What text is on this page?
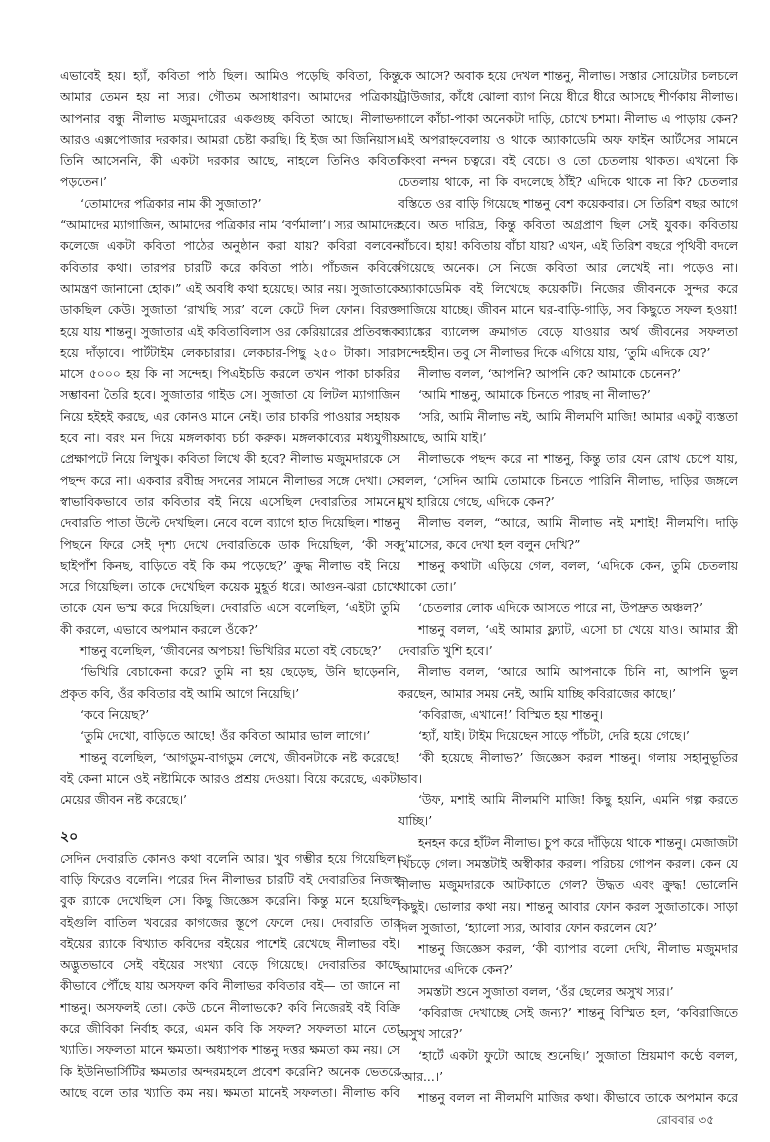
এভাবেই হয়। হ্যাঁ, কবিতা পাঠ ছিল। আমিও পড়েছি কবিতা, কিন্তু আমার তেমন হয় না স্যর। গৌতম অসাধারণ। আমাদের পত্রিকায় আপনার বন্ধু নীলাভ মজুমদারের একগুচ্ছ কবিতা আছে। নীলাভদ আরও এক্সপোজার দরকার। আমরা চেষ্টা করছি। হি ইজ আ জিনিয়াস। তিনি আসেননি, কী একটা দরকার আছে, নাহলে তিনিও কবিতা পড়তেন।’

‘তোমাদের পত্রিকার নাম কী সুজাতা?’

“আমাদের ম্যাগাজিন, আমাদের পত্রিকার নাম ‘বর্ণমালা’। স্যর আমাদের কলেজে একটা কবিতা পাঠের অনুষ্ঠান করা যায়? কবিরা বলবেন কবিতার কথা। তারপর চারটি করে কবিতা পাঠ। পাঁচজন কবিকে আমন্ত্রণ জানানো হোক।” এই অবধি কথা হয়েছে। আর নয়। সুজাতাকে ডাকছিল কেউ। সুজাতা ‘রাখছি স্যর’ বলে কেটে দিল ফোন। বিরক্ত হয়ে যায় শান্তনু। সুজাতার এই কবিতাবিলাস ওর কেরিয়ারের প্রতিবন্ধক হয়ে দাঁড়াবে। পার্টটাইম লেকচারার। লেকচার-পিছু ২৫০ টাকা। সারা মাসে ৫০০০ হয় কি না সন্দেহ। পিএইচডি করলে তখন পাকা চাকরির সম্ভাবনা তৈরি হবে। সুজাতার গাইড সে। সুজাতা যে লিটল ম্যাগাজিন নিয়ে হইহই করছে, এর কোনও মানে নেই। তার চাকরি পাওয়ার সহায়ক হবে না। বরং মন দিয়ে মঙ্গলকাব্য চর্চা করুক। মঙ্গলকাব্যের মধ্যযুগীয় প্রেক্ষাপটে নিয়ে লিখুক। কবিতা লিখে কী হবে? নীলাভ মজুমদারকে সে পছন্দ করে না। একবার রবীন্দ্র সদনের সামনে নীলাভর সঙ্গে দেখা। সে স্বাভাবিকভাবে তার কবিতার বই নিয়ে এসেছিল দেবারতির সামনে। দেবারতি পাতা উল্টে দেখছিল। নেবে বলে ব্যাগে হাত দিয়েছিল। শান্তনু পিছনে ফিরে সেই দৃশ্য দেখে দেবারতিকে ডাক দিয়েছিল, ‘কী সব ছাইপাঁশ কিনছ, বাড়িতে বই কি কম পড়েছে?’ ক্রুদ্ধ নীলাভ বই নিয়ে সরে গিয়েছিল। তাকে দেখেছিল কয়েক মুহূর্ত ধরে। আগুন-ঝরা চোখে তাকে যেন ভস্ম করে দিয়েছিল। দেবারতি এসে বলেছিল, ‘এইটা তুমি কী করলে, এভাবে অপমান করলে ওঁকে?’

শান্তনু বলেছিল, ‘জীবনের অপচয়! ভিখিরির মতো বই বেচছে?’

‘ভিখিরি বেচাকেনা করে? তুমি না হয় ছেড়েছ, উনি ছাড়েননি, প্রকৃত কবি, ওঁর কবিতার বই আমি আগে নিয়েছি।’

‘কবে নিয়েছ?’

‘তুমি দেখো, বাড়িতে আছে! ওঁর কবিতা আমার ভাল লাগে।’

শান্তনু বলেছিল, ‘আগডুম-বাগডুম লেখে, জীবনটাকে নষ্ট করেছে! বই কেনা মানে ওই নষ্টামিকে আরও প্রশ্রয় দেওয়া। বিয়ে করেছে, একটা মেয়ের জীবন নষ্ট করেছে।’

২০

সেদিন দেবারতি কোনও কথা বলেনি আর। খুব গম্ভীর হয়ে গিয়েছিল। বাড়ি ফিরেও বলেনি। পরের দিন নীলাভর চারটি বই দেবারতির নিজস্ব বুক র‍্যাকে দেখেছিল সে। কিছু জিজ্ঞেস করেনি। কিন্তু মনে হয়েছিল বইগুলি বাতিল খবরের কাগজের স্তূপে ফেলে দেয়। দেবারতি তার বইয়ের র‍্যাকে বিখ্যাত কবিদের বইয়ের পাশেই রেখেছে নীলাভর বই। অদ্ভুতভাবে সেই বইয়ের সংখ্যা বেড়ে গিয়েছে। দেবারতির কাছে কীভাবে পৌঁছে যায় অসফল কবি নীলাভর কবিতার বই— তা জানে না শান্তনু। অসফলই তো। কেউ চেনে নীলাভকে? কবি নিজেরই বই বিক্রি করে জীবিকা নির্বাহ করে, এমন কবি কি সফল? সফলতা মানে তো খ্যাতি। সফলতা মানে ক্ষমতা। অধ্যাপক শান্তনু দত্তর ক্ষমতা কম নয়। সে কি ইউনিভার্সিটির ক্ষমতার অন্দরমহলে প্রবেশ করেনি? অনেক ভেতরে আছে বলে তার খ্যাতি কম নয়। ক্ষমতা মানেই সফলতা। নীলাভ কবি

কে আসে? অবাক হয়ে দেখল শান্তনু, নীলাভ। সস্তার সোয়েটার চলচলে ট্রাউজার, কাঁধে ঝোলা ব্যাগ নিয়ে ধীরে ধীরে আসছে শীর্ণকায় নীলাভ। গালে কাঁচা-পাকা অনেকটা দাড়ি, চোখে চশমা। নীলাভ এ পাড়ায় কেন? এই অপরাহ্নবেলায় ও থাকে অ্যাকাডেমি অফ ফাইন আর্টসের সামনে কিংবা নন্দন চত্বরে। বই বেচে। ও তো চেতলায় থাকত। এখনো কি চেতলায় থাকে, না কি বদলেছে ঠাঁই? এদিকে থাকে না কি? চেতলার বস্তিতে ওর বাড়ি গিয়েছে শান্তনু বেশ কয়েকবার। সে তিরিশ বছর আগে হবে। অত দারিদ্র, কিন্তু কবিতা অগ্রপ্রাণ ছিল সেই যুবক। কবিতায় বাঁচবে। হায়! কবিতায় বাঁচা যায়? এখন, এই তিরিশ বছরে পৃথিবী বদলে গিয়েছে অনেক। সে নিজে কবিতা আর লেখেই না। পড়েও না। অ্যাকাডেমিক বই লিখেছে কয়েকটি। নিজের জীবনকে সুন্দর করে সাজিয়ে যাচ্ছে। জীবন মানে ঘর-বাড়ি-গাড়ি, সব কিছুতে সফল হওয়া! ব্যাঙ্কের ব্যালেন্স ক্রমাগত বেড়ে যাওয়ার অর্থ জীবনের সফলতা সন্দেহহীন। তবু সে নীলাভর দিকে এগিয়ে যায়, ‘তুমি এদিকে যে?’

নীলাভ বলল, ‘আপনি? আপনি কে? আমাকে চেনেন?’

‘আমি শান্তনু, আমাকে চিনতে পারছ না নীলাভ?’

‘সরি, আমি নীলাভ নই, আমি নীলমণি মাজি! আমার একটু ব্যস্ততা আছে, আমি যাই।’

নীলাভকে পছন্দ করে না শান্তনু, কিন্তু তার যেন রোখ চেপে যায়, বলল, ‘সেদিন আমি তোমাকে চিনতে পারিনি নীলাভ, দাড়ির জঙ্গলে মুখ হারিয়ে গেছে, এদিকে কেন?’

নীলাভ বলল, “আরে, আমি নীলাভ নই মশাই! নীলমণি। দাড়ি দু’মাসের, কবে দেখা হল বলুন দেখি?”

শান্তনু কথাটা এড়িয়ে গেল, বলল, ‘এদিকে কেন, তুমি চেতলায় থাকো তো।’

‘চেতলার লোক এদিকে আসতে পারে না, উপদ্রুত অঞ্চল?’

শান্তনু বলল, ‘এই আমার ফ্ল্যাট, এসো চা খেয়ে যাও। আমার স্ত্রী দেবারতি খুশি হবে।’

নীলাভ বলল, ‘আরে আমি আপনাকে চিনি না, আপনি ভুল করছেন, আমার সময় নেই, আমি যাচ্ছি কবিরাজের কাছে।’

‘কবিরাজ, এখানে!’ বিস্মিত হয় শান্তনু।

‘হ্যাঁ, যাই। টাইম দিয়েছেন সাড়ে পাঁচটা, দেরি হয়ে গেছে।’

‘কী হয়েছে নীলাভ?’ জিজ্ঞেস করল শান্তনু। গলায় সহানুভূতির ভাব।

‘উফ, মশাই আমি নীলমণি মাজি! কিছু হয়নি, এমনি গল্প করতে যাচ্ছি।’

হনহন করে হাঁটল নীলাভ। চুপ করে দাঁড়িয়ে থাকে শান্তনু। মেজাজটা খিঁচড়ে গেল। সমস্তটাই অস্বীকার করল। পরিচয় গোপন করল। কেন যে নীলাভ মজুমদারকে আটকাতে গেল? উদ্ধত এবং ক্রুদ্ধ! ভোলেনি কিছুই। ভোলার কথা নয়। শান্তনু আবার ফোন করল সুজাতাকে। সাড়া দিল সুজাতা, ‘হ্যালো স্যর, আবার ফোন করলেন যে?’

শান্তনু জিজ্ঞেস করল, ‘কী ব্যাপার বলো দেখি, নীলাভ মজুমদার আমাদের এদিকে কেন?’

সমস্তটা শুনে সুজাতা বলল, ‘ওঁর ছেলের অসুখ স্যর।’

‘কবিরাজ দেখাচ্ছে সেই জন্য?’ শান্তনু বিস্মিত হল, ‘কবিরাজিতে অসুখ সারে?’

‘হার্টে একটা ফুটো আছে শুনেছি।’ সুজাতা ম্রিয়মাণ কণ্ঠে বলল, ‘আর...।’

শান্তনু বলল না নীলমণি মাজির কথা। কীভাবে তাকে অপমান করে

রোববার ৩৫
